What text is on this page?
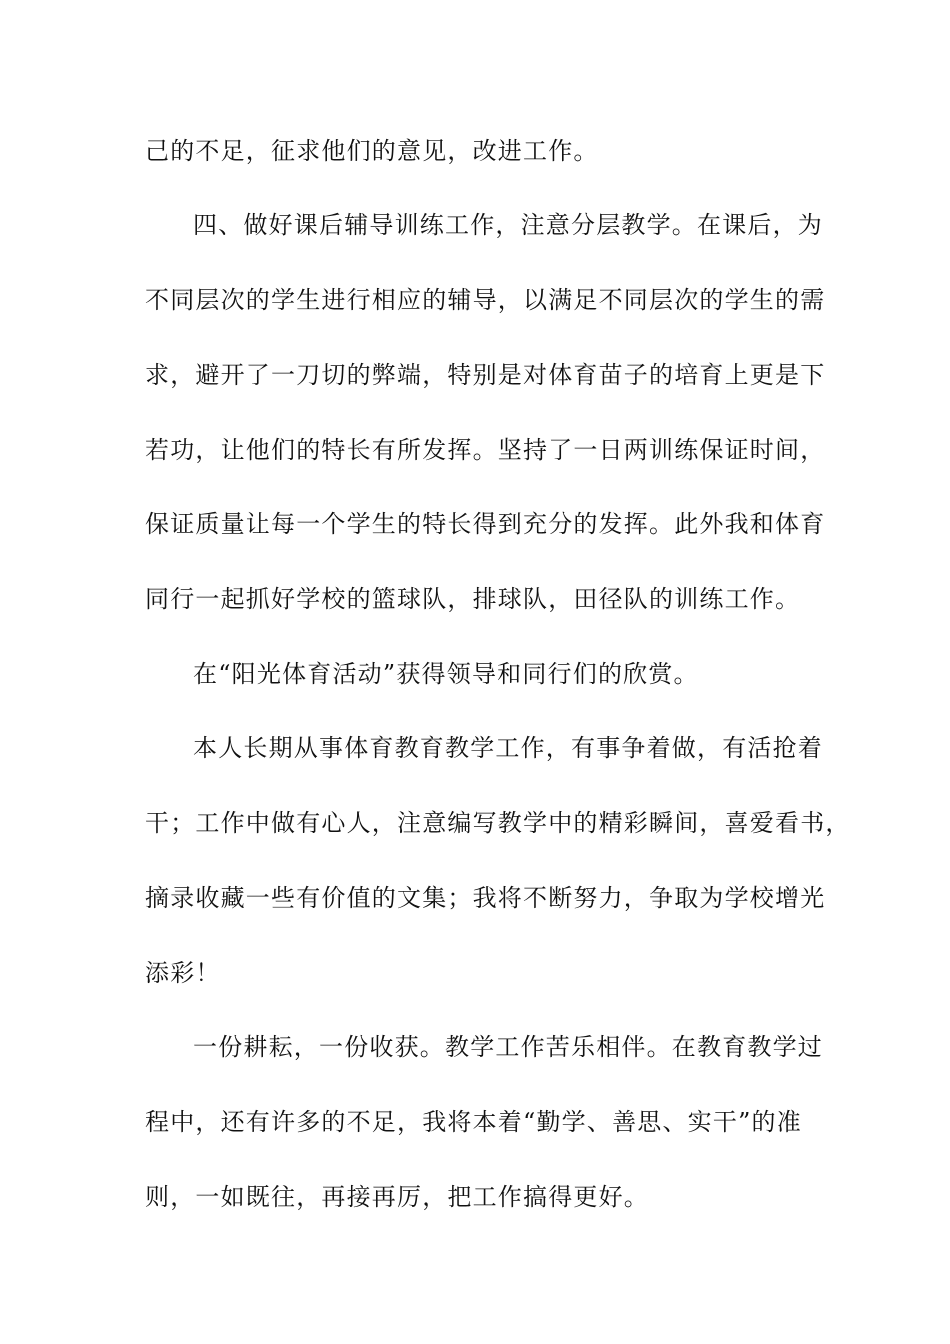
己的不足，征求他们的意见，改进工作。
四、做好课后辅导训练工作，注意分层教学。在课后，为
不同层次的学生进行相应的辅导，以满足不同层次的学生的需
求，避开了一刀切的弊端，特别是对体育苗子的培育上更是下
若功，让他们的特长有所发挥。坚持了一日两训练保证时间，
保证质量让每一个学生的特长得到充分的发挥。此外我和体育
同行一起抓好学校的篮球队，排球队，田径队的训练工作。
在“阳光体育活动”获得领导和同行们的欣赏。
本人长期从事体育教育教学工作，有事争着做，有活抢着
干；工作中做有心人，注意编写教学中的精彩瞬间，喜爱看书，
摘录收藏一些有价值的文集；我将不断努力，争取为学校增光
添彩！
一份耕耘，一份收获。教学工作苦乐相伴。在教育教学过
程中，还有许多的不足，我将本着“勤学、善思、实干”的准
则，一如既往，再接再厉，把工作搞得更好。
